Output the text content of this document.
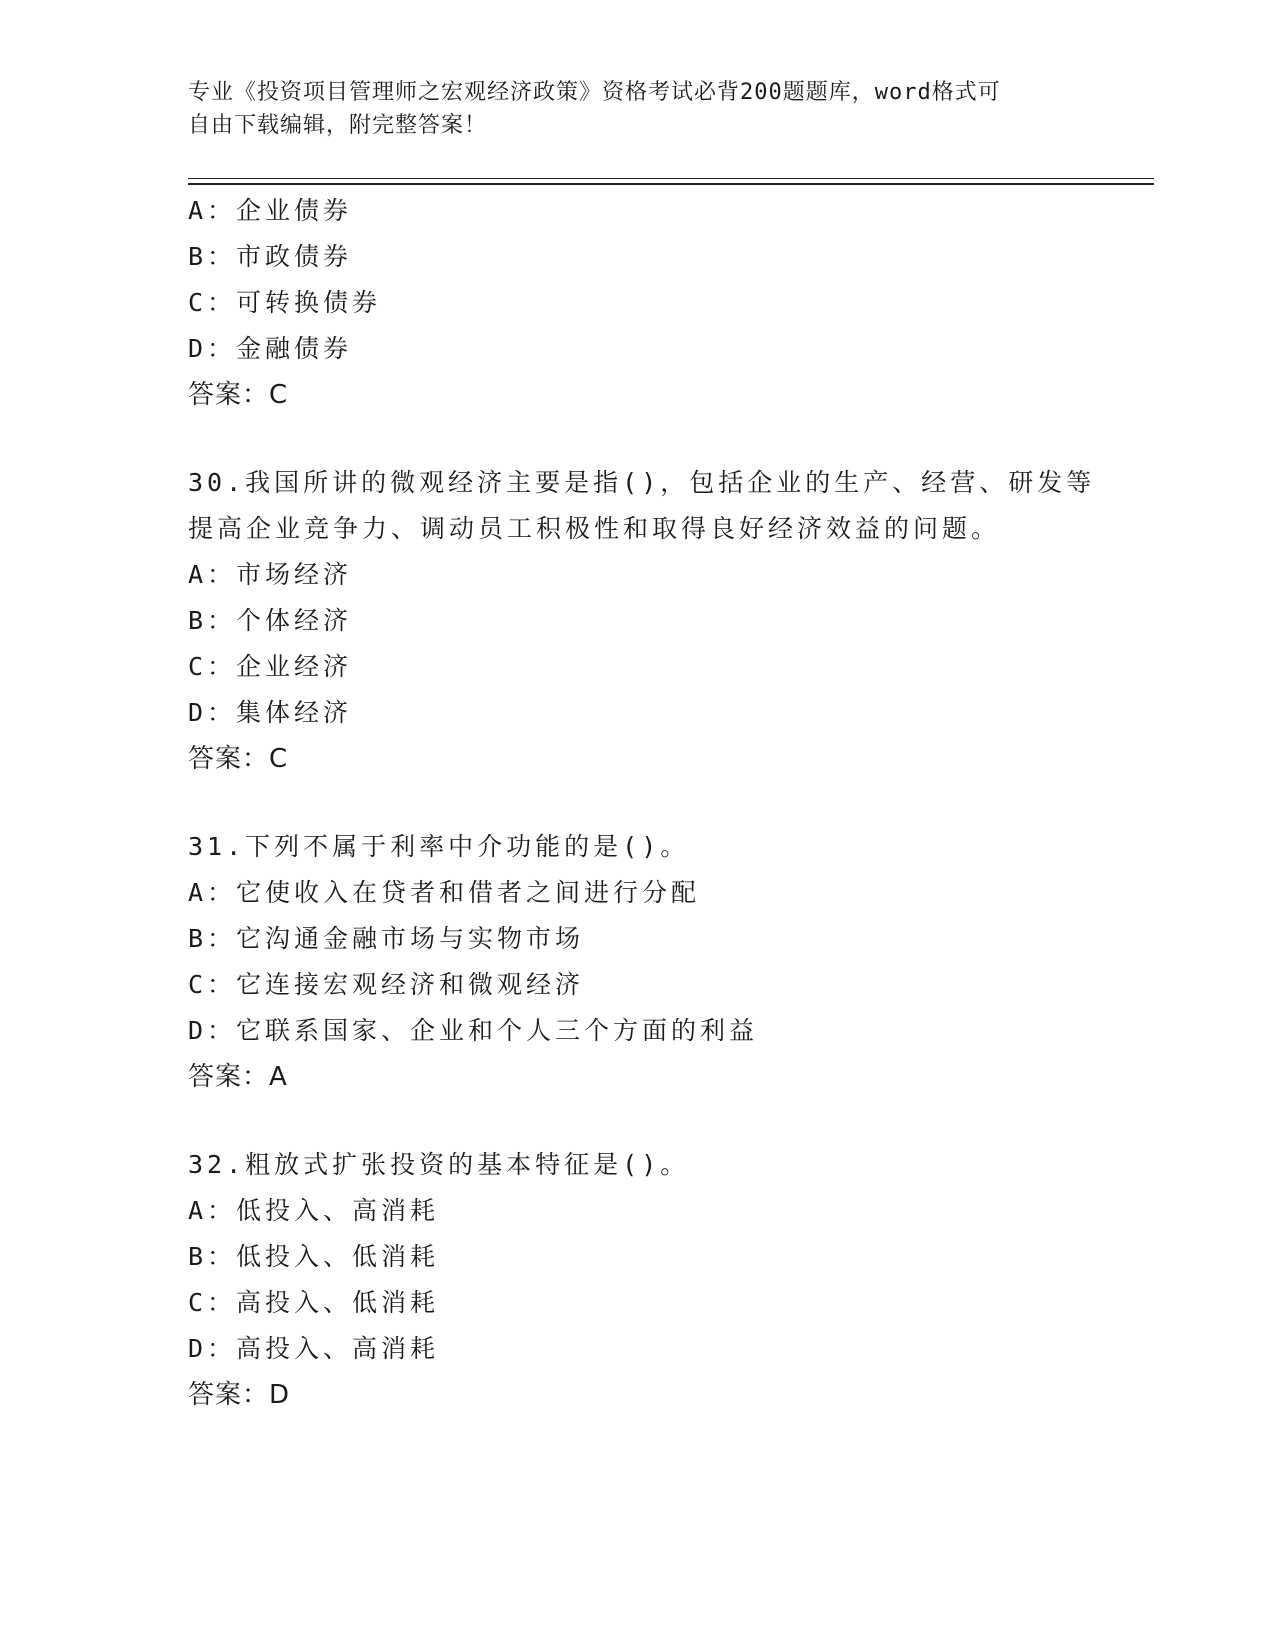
专业《投资项目管理师之宏观经济政策》资格考试必背200题题库，word格式可
自由下载编辑，附完整答案！
A：企业债券
B：市政债券
C：可转换债券
D：金融债券
答案：C
30.我国所讲的微观经济主要是指()，包括企业的生产、经营、研发等
提高企业竞争力、调动员工积极性和取得良好经济效益的问题。
A：市场经济
B：个体经济
C：企业经济
D：集体经济
答案：C
31.下列不属于利率中介功能的是()。
A：它使收入在贷者和借者之间进行分配
B：它沟通金融市场与实物市场
C：它连接宏观经济和微观经济
D：它联系国家、企业和个人三个方面的利益
答案：A
32.粗放式扩张投资的基本特征是()。
A：低投入、高消耗
B：低投入、低消耗
C：高投入、低消耗
D：高投入、高消耗
答案：D
